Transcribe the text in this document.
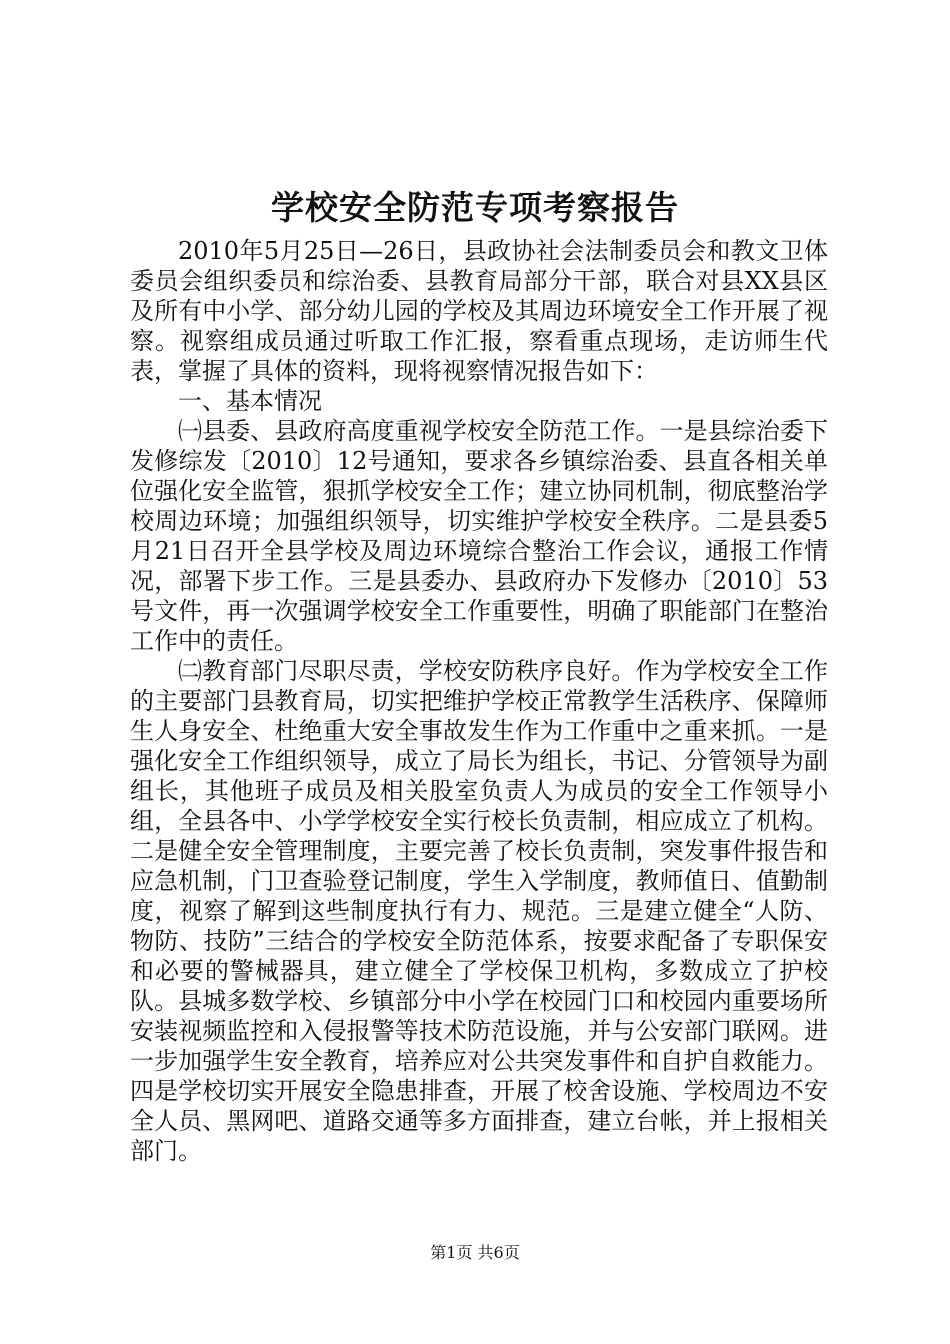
学校安全防范专项考察报告

2010年5月25日—26日，县政协社会法制委员会和教文卫体委员会组织委员和综治委、县教育局部分干部，联合对县XX县区及所有中小学、部分幼儿园的学校及其周边环境安全工作开展了视察。视察组成员通过听取工作汇报，察看重点现场，走访师生代表，掌握了具体的资料，现将视察情况报告如下：

一、基本情况

㈠县委、县政府高度重视学校安全防范工作。一是县综治委下发修综发〔2010〕12号通知，要求各乡镇综治委、县直各相关单位强化安全监管，狠抓学校安全工作；建立协同机制，彻底整治学校周边环境；加强组织领导，切实维护学校安全秩序。二是县委5月21日召开全县学校及周边环境综合整治工作会议，通报工作情况，部署下步工作。三是县委办、县政府办下发修办〔2010〕53号文件，再一次强调学校安全工作重要性，明确了职能部门在整治工作中的责任。

㈡教育部门尽职尽责，学校安防秩序良好。作为学校安全工作的主要部门县教育局，切实把维护学校正常教学生活秩序、保障师生人身安全、杜绝重大安全事故发生作为工作重中之重来抓。一是强化安全工作组织领导，成立了局长为组长，书记、分管领导为副组长，其他班子成员及相关股室负责人为成员的安全工作领导小组，全县各中、小学学校安全实行校长负责制，相应成立了机构。二是健全安全管理制度，主要完善了校长负责制，突发事件报告和应急机制，门卫查验登记制度，学生入学制度，教师值日、值勤制度，视察了解到这些制度执行有力、规范。三是建立健全“人防、物防、技防”三结合的学校安全防范体系，按要求配备了专职保安和必要的警械器具，建立健全了学校保卫机构，多数成立了护校队。县城多数学校、乡镇部分中小学在校园门口和校园内重要场所安装视频监控和入侵报警等技术防范设施，并与公安部门联网。进一步加强学生安全教育，培养应对公共突发事件和自护自救能力。四是学校切实开展安全隐患排查，开展了校舍设施、学校周边不安全人员、黑网吧、道路交通等多方面排查，建立台帐，并上报相关部门。

第1页 共6页
